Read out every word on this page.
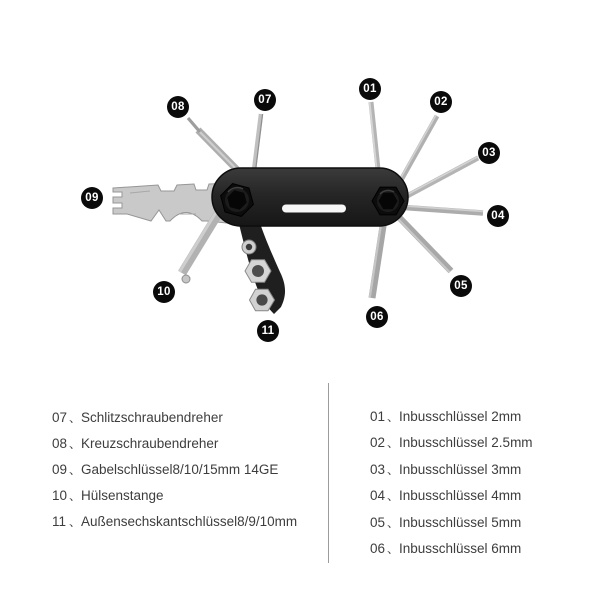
01
02
03
04
05
06
07
08
09
10
11
07 、 Schlitzschraubendreher
08 、 Kreuzschraubendreher
09 、 Gabelschlüssel8/10/15mm 14GE
10 、 Hülsenstange
11 、 Außensechskantschlüssel8/9/10mm
01 、 Inbusschlüssel 2mm
02 、 Inbusschlüssel 2.5mm
03 、 Inbusschlüssel 3mm
04 、 Inbusschlüssel 4mm
05 、 Inbusschlüssel 5mm
06 、 Inbusschlüssel 6mm
